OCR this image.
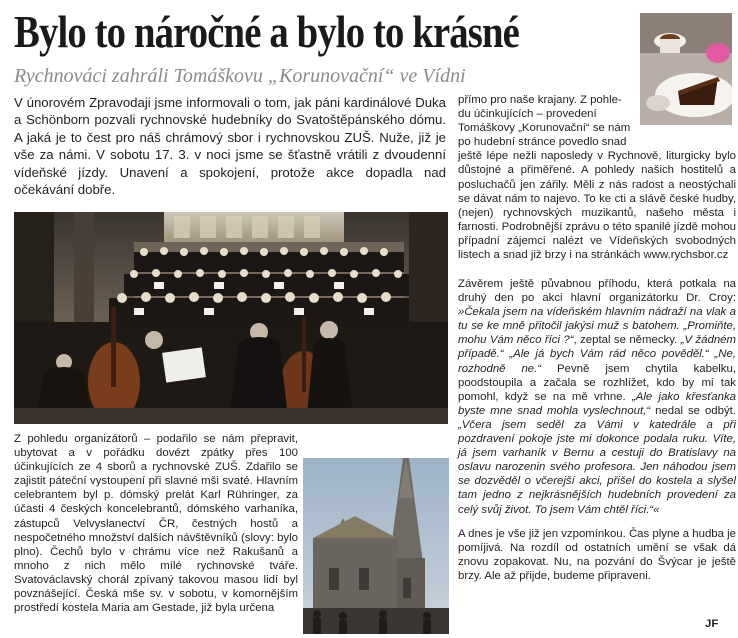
Bylo to náročné a bylo to krásné
Rychnováci zahráli Tomáškovu „Korunovační“ ve Vídni

V únorovém Zpravodaji jsme informovali o tom, jak páni kardinálové Duka a Schönborn pozvali rychnovské hudebníky do Svatoštěpánského dómu. A jaká je to čest pro náš chrámový sbor i rychnovskou ZUŠ. Nuže, již je vše za námi. V sobotu 17. 3. v noci jsme se šťastně vrátili z dvoudenní vídeňské jízdy. Unavení a spokojení, protože akce dopadla nad očekávání dobře.

Z pohledu organizátorů – podařilo se nám přepravit, ubytovat a v pořádku dovézt zpátky přes 100 účinkujících ze 4 sborů a rychnovské ZUŠ. Zdařilo se zajistit páteční vystoupení při slavné mši svaté. Hlavním celebrantem byl p. dómský prelát Karl Rühringer, za účasti 4 českých koncelebrantů, dómského varhaníka, zástupců Velvyslanectví ČR, čestných hostů a nespočetného množství dalších návštěvníků (slovy: bylo plno). Čechů bylo v chrámu více než Rakušanů a mnoho z nich mělo mílé rychnovské tváře. Svatováclavský chorál zpívaný takovou masou lidí byl povznášející. Česká mše sv. v sobotu, v komornějším prostředí kostela Maria am Gestade, již byla určena

přímo pro naše krajany. Z pohle-

du účinkujících – provedení

Tomáškovy „Korunovační“ se nám

po hudební stránce povedlo snad

ještě lépe nežli naposledy v Rychnově, liturgicky bylo důstojné a přiměřené. A pohledy našich hostitelů a posluchačů jen zářily. Měli z nás radost a neostýchali se dávat nám to najevo. To ke cti a slávě české hudby, (nejen) rychnovských muzikantů, našeho města i farnosti. Podrobnější zprávu o této spanilé jízdě mohou případní zájemci nalézt ve Vídeňských svobodných listech a snad již brzy i na stránkách www.rychsbor.cz

Závěrem ještě půvabnou příhodu, která potkala na druhý den po akci hlavní organizátorku Dr. Croy: »Čekala jsem na vídeňském hlavním nádraží na vlak a tu se ke mně přitočil jakýsi muž s batohem. „Promiňte, mohu Vám něco říci ?“, zeptal se německy. „V žádném případě.“ „Ale já bych Vám rád něco pověděl.“ „Ne, rozhodně ne.“ Pevně jsem chytila kabelku, poodstoupila a začala se rozhlížet, kdo by mi tak pomohl, když se na mě vrhne. „Ale jako křesťanka byste mne snad mohla vyslechnout,“ nedal se odbýt. „Včera jsem seděl za Vámi v katedrále a při pozdravení pokoje jste mi dokonce podala ruku. Víte, já jsem varhaník v Bernu a cestuji do Bratislavy na oslavu narozenin svého profesora. Jen náhodou jsem se dozvěděl o včerejší akci, přišel do kostela a slyšel tam jedno z nejkrásnějších hudebních provedení za celý svůj život. To jsem Vám chtěl říci.“«

A dnes je vše již jen vzpomínkou. Čas plyne a hudba je pomíjivá. Na rozdíl od ostatních umění se však dá znovu zopakovat. Nu, na pozvání do Švýcar je ještě brzy. Ale až přijde, budeme připraveni.

JF
